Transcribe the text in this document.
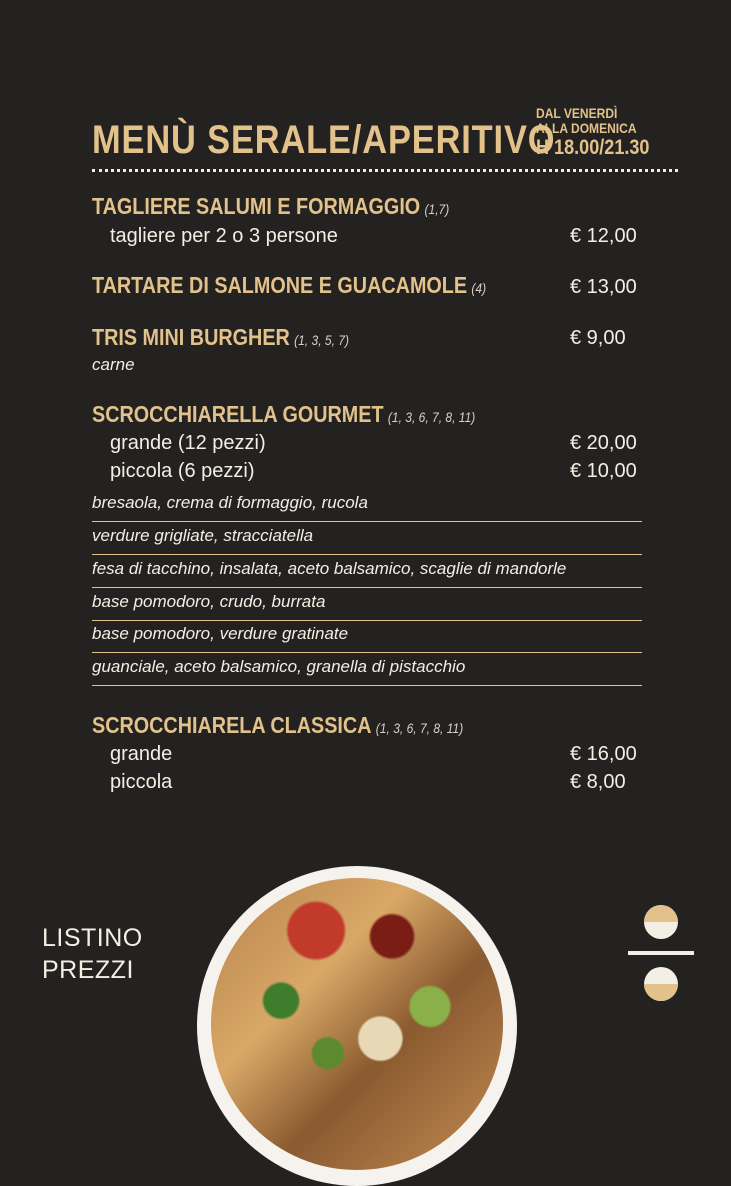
MENÙ SERALE/APERITIVO
DAL VENERDÌ
ALLA DOMENICA
H 18.00/21.30
TAGLIERE SALUMI E FORMAGGIO (1,7)
tagliere per 2 o 3 persone	€ 12,00
TARTARE DI SALMONE E GUACAMOLE (4)	€ 13,00
TRIS MINI BURGHER (1, 3, 5, 7)	€ 9,00
carne
SCROCCHIARELLA GOURMET (1, 3, 6, 7, 8, 11)
grande (12 pezzi)	€ 20,00
piccola (6 pezzi)	€ 10,00
bresaola, crema di formaggio, rucola
verdure grigliate, stracciatella
fesa di tacchino, insalata, aceto balsamico, scaglie di mandorle
base pomodoro, crudo, burrata
base pomodoro, verdure gratinate
guanciale, aceto balsamico, granella di pistacchio
SCROCCHIARELA CLASSICA (1, 3, 6, 7, 8, 11)
grande	€ 16,00
piccola	€ 8,00
LISTINO
PREZZI
